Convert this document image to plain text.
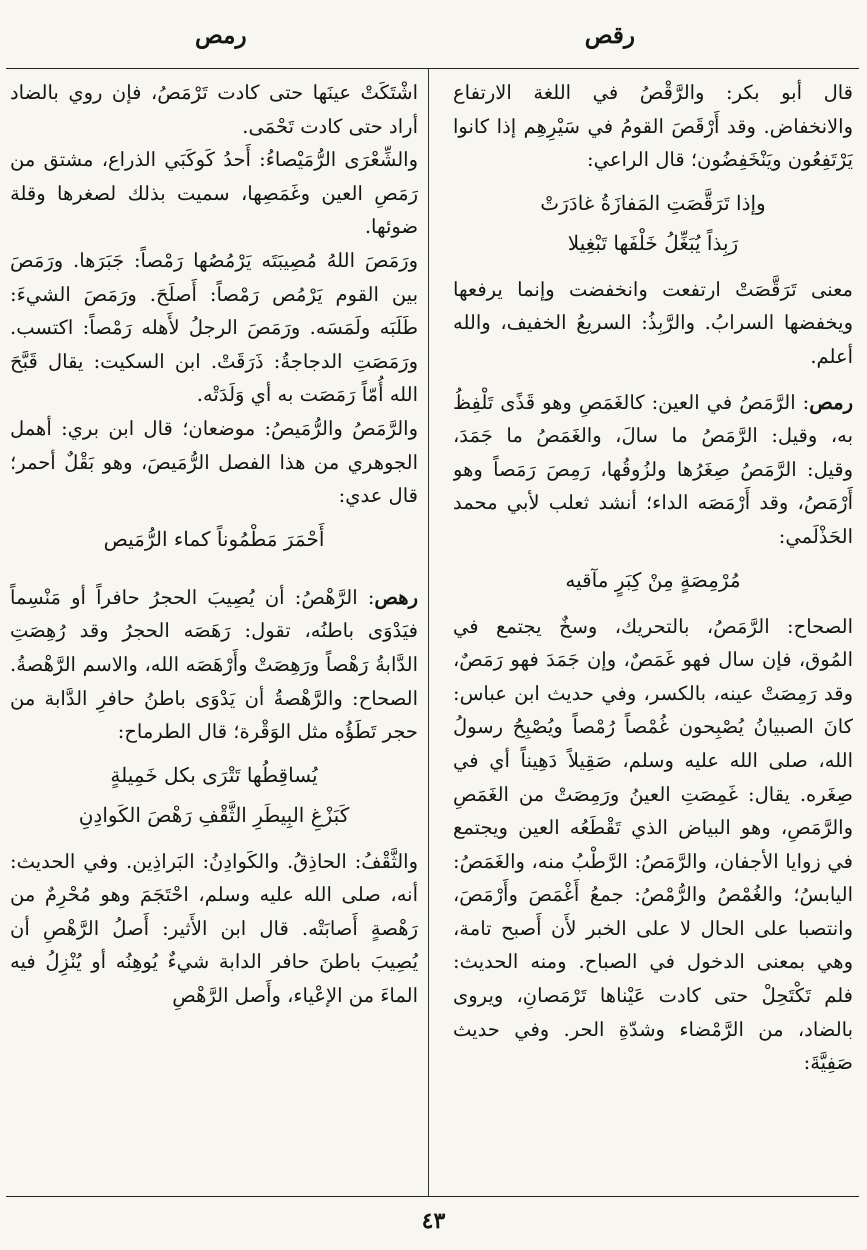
رقص
رمص

قال أبو بكر: والرَّقْصُ في اللغة الارتفاع والانخفاض. وقد أَرْقَصَ القومُ في سَيْرِهِم إذا كانوا يَرْتَفِعُون ويَنْخَفِضُون؛ قال الراعي:

وإذا تَرَقَّصَتِ المَفازَةُ غادَرَتْ
رَبِذاً يُبَغِّلُ خَلْفَها تَبْغِيلا

معنى تَرَقَّصَتْ ارتفعت وانخفضت وإنما يرفعها ويخفضها السرابُ. والرَّبِذُ: السريعُ الخفيف، والله أعلم.

رمص: الرَّمَصُ في العين: كالغَمَصِ وهو قَذًى تَلْفِظُ به، وقيل: الرَّمَصُ ما سالَ، والغَمَصُ ما جَمَدَ، وقيل: الرَّمَصُ صِغَرُها ولزُوقُها، رَمِصَ رَمَصاً وهو أَرْمَصُ، وقد أَرْمَصَه الداء؛ أنشد ثعلب لأبي محمد الحَذْلَمي:

مُرْمِصَةٍ مِنْ كِبَرٍ مآقيه

الصحاح: الرَّمَصُ، بالتحريك، وسخٌ يجتمع في المُوق، فإن سال فهو غَمَصٌ، وإن جَمَدَ فهو رَمَصٌ، وقد رَمِصَتْ عينه، بالكسر، وفي حديث ابن عباس: كانَ الصبيانُ يُصْبِحون غُمْصاً رُمْصاً ويُصْبِحُ رسولُ الله، صلى الله عليه وسلم، صَقِيلاً دَهِيناً أي في صِغَره. يقال: غَمِصَتِ العينُ ورَمِصَتْ من الغَمَصِ والرَّمَصِ، وهو البياض الذي تَقْطَعُه العين ويجتمع في زوايا الأجفان، والرَّمَصُ: الرَّطْبُ منه، والغَمَصُ: اليابسُ؛ والغُمْصُ والرُّمْصُ: جمعُ أَغْمَصَ وأَرْمَصَ، وانتصبا على الحال لا على الخبر لأَن أَصبح تامة، وهي بمعنى الدخول في الصباح. ومنه الحديث: فلم تَكْتَحِلْ حتى كادت عَيْناها تَرْمَصانِ، ويروى بالضاد، من الرَّمْضاء وشدّةِ الحر. وفي حديث صَفِيَّةَ:

اشْتَكَتْ عينَها حتى كادت تَرْمَصُ، فإن روي بالضاد أراد حتى كادت تَحْمَى.

والشِّعْرَى الرُّمَيْصاءُ: أَحدُ كَوكَبَي الذراع، مشتق من رَمَصِ العين وغَمَصِها، سميت بذلك لصغرها وقلة ضوئها.

ورَمَصَ اللهُ مُصِيبَتَه يَرْمُصُها رَمْصاً: جَبَرَها. ورَمَصَ بين القوم يَرْمُص رَمْصاً: أَصلَحَ. ورَمَصَ الشيءَ: طَلَبَه ولَمَسَه. ورَمَصَ الرجلُ لأَهله رَمْصاً: اكتسب. ورَمَصَتِ الدجاجةُ: ذَرَقَتْ. ابن السكيت: يقال قَبَّحَ الله أُمّاً رَمَصَت به أي وَلَدَتْه.

والرَّمَصُ والرُّمَيصُ: موضعان؛ قال ابن بري: أهمل الجوهري من هذا الفصل الرُّمَيصَ، وهو بَقْلٌ أحمر؛ قال عدي:

أَحْمَرَ مَطْمُوناً كماء الرُّمَيص

رهص: الرَّهْصُ: أن يُصِيبَ الحجرُ حافراً أو مَنْسِماً فيَدْوَى باطنُه، تقول: رَهَصَه الحجرُ وقد رُهِصَتِ الدَّابةُ رَهْصاً ورَهِصَتْ وأَرْهَصَه الله، والاسم الرَّهْصةُ. الصحاح: والرَّهْصةُ أن يَدْوَى باطنُ حافرِ الدَّابة من حجر تَطَؤُه مثل الوَقْرة؛ قال الطرماح:

يُساقِطُها تَتْرَى بكل خَمِيلةٍ
كَبَزْغِ البِيطَرِ الثَّقْفِ رَهْصَ الكَوادِنِ

والثَّقْفُ: الحاذِقُ. والكَوادِنُ: البَراذِين. وفي الحديث: أنه، صلى الله عليه وسلم، احْتَجَمَ وهو مُحْرِمٌ من رَهْصةٍ أَصابَتْه. قال ابن الأَثير: أَصلُ الرَّهْصِ أن يُصِيبَ باطنَ حافر الدابة شيءٌ يُوهِنُه أو يُنْزِلُ فيه الماءَ من الإعْياء، وأَصل الرَّهْصِ

٤٣
